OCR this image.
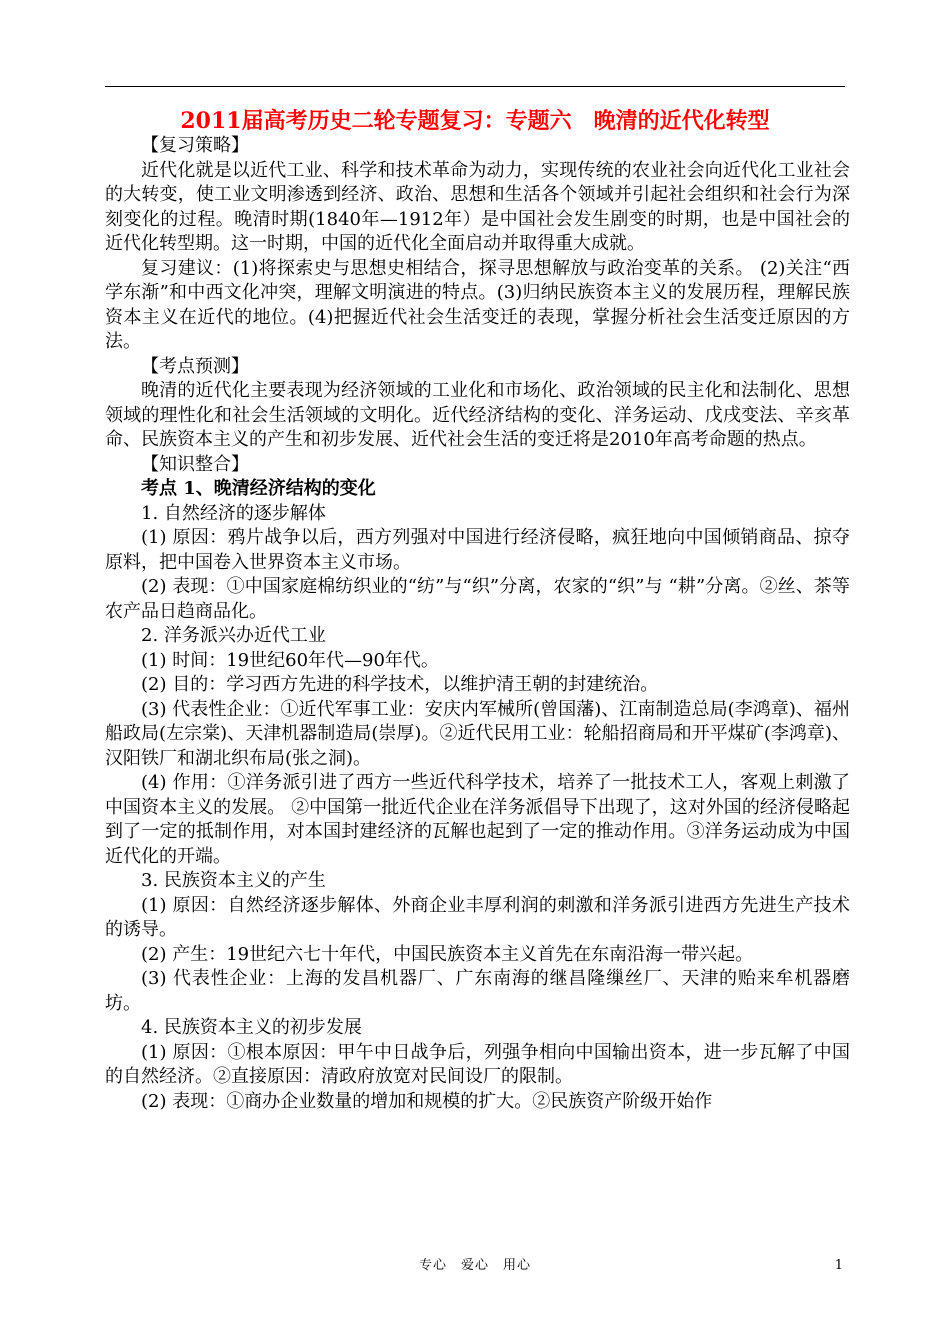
2011届高考历史二轮专题复习：专题六　晚清的近代化转型

【复习策略】

近代化就是以近代工业、科学和技术革命为动力，实现传统的农业社会向近代化工业社会的大转变，使工业文明渗透到经济、政治、思想和生活各个领域并引起社会组织和社会行为深刻变化的过程。晚清时期(1840年—1912年）是中国社会发生剧变的时期，也是中国社会的近代化转型期。这一时期，中国的近代化全面启动并取得重大成就。

复习建议：(1)将探索史与思想史相结合，探寻思想解放与政治变革的关系。 (2)关注“西学东渐”和中西文化冲突，理解文明演进的特点。(3)归纳民族资本主义的发展历程，理解民族资本主义在近代的地位。(4)把握近代社会生活变迁的表现，掌握分析社会生活变迁原因的方法。

【考点预测】

晚清的近代化主要表现为经济领域的工业化和市场化、政治领域的民主化和法制化、思想领域的理性化和社会生活领域的文明化。近代经济结构的变化、洋务运动、戊戌变法、辛亥革命、民族资本主义的产生和初步发展、近代社会生活的变迁将是2010年高考命题的热点。

【知识整合】

考点 1、晚清经济结构的变化

1. 自然经济的逐步解体

(1) 原因：鸦片战争以后，西方列强对中国进行经济侵略，疯狂地向中国倾销商品、掠夺原料，把中国卷入世界资本主义市场。

(2) 表现：①中国家庭棉纺织业的“纺”与“织”分离，农家的“织”与 “耕”分离。②丝、茶等农产品日趋商品化。

2. 洋务派兴办近代工业

(1) 时间：19世纪60年代—90年代。

(2) 目的：学习西方先进的科学技术，以维护清王朝的封建统治。

(3) 代表性企业：①近代军事工业：安庆内军械所(曾国藩)、江南制造总局(李鸿章)、福州船政局(左宗棠)、天津机器制造局(崇厚)。②近代民用工业：轮船招商局和开平煤矿(李鸿章)、汉阳铁厂和湖北织布局(张之洞)。

(4) 作用：①洋务派引进了西方一些近代科学技术，培养了一批技术工人，客观上刺激了中国资本主义的发展。 ②中国第一批近代企业在洋务派倡导下出现了，这对外国的经济侵略起到了一定的抵制作用，对本国封建经济的瓦解也起到了一定的推动作用。③洋务运动成为中国近代化的开端。

3. 民族资本主义的产生

(1) 原因：自然经济逐步解体、外商企业丰厚利润的刺激和洋务派引进西方先进生产技术的诱导。

(2) 产生：19世纪六七十年代，中国民族资本主义首先在东南沿海一带兴起。

(3) 代表性企业：上海的发昌机器厂、广东南海的继昌隆缫丝厂、天津的贻来牟机器磨坊。

4. 民族资本主义的初步发展

(1) 原因：①根本原因：甲午中日战争后，列强争相向中国输出资本，进一步瓦解了中国的自然经济。②直接原因：清政府放宽对民间设厂的限制。

(2) 表现：①商办企业数量的增加和规模的扩大。②民族资产阶级开始作

专心　爱心　用心	1
